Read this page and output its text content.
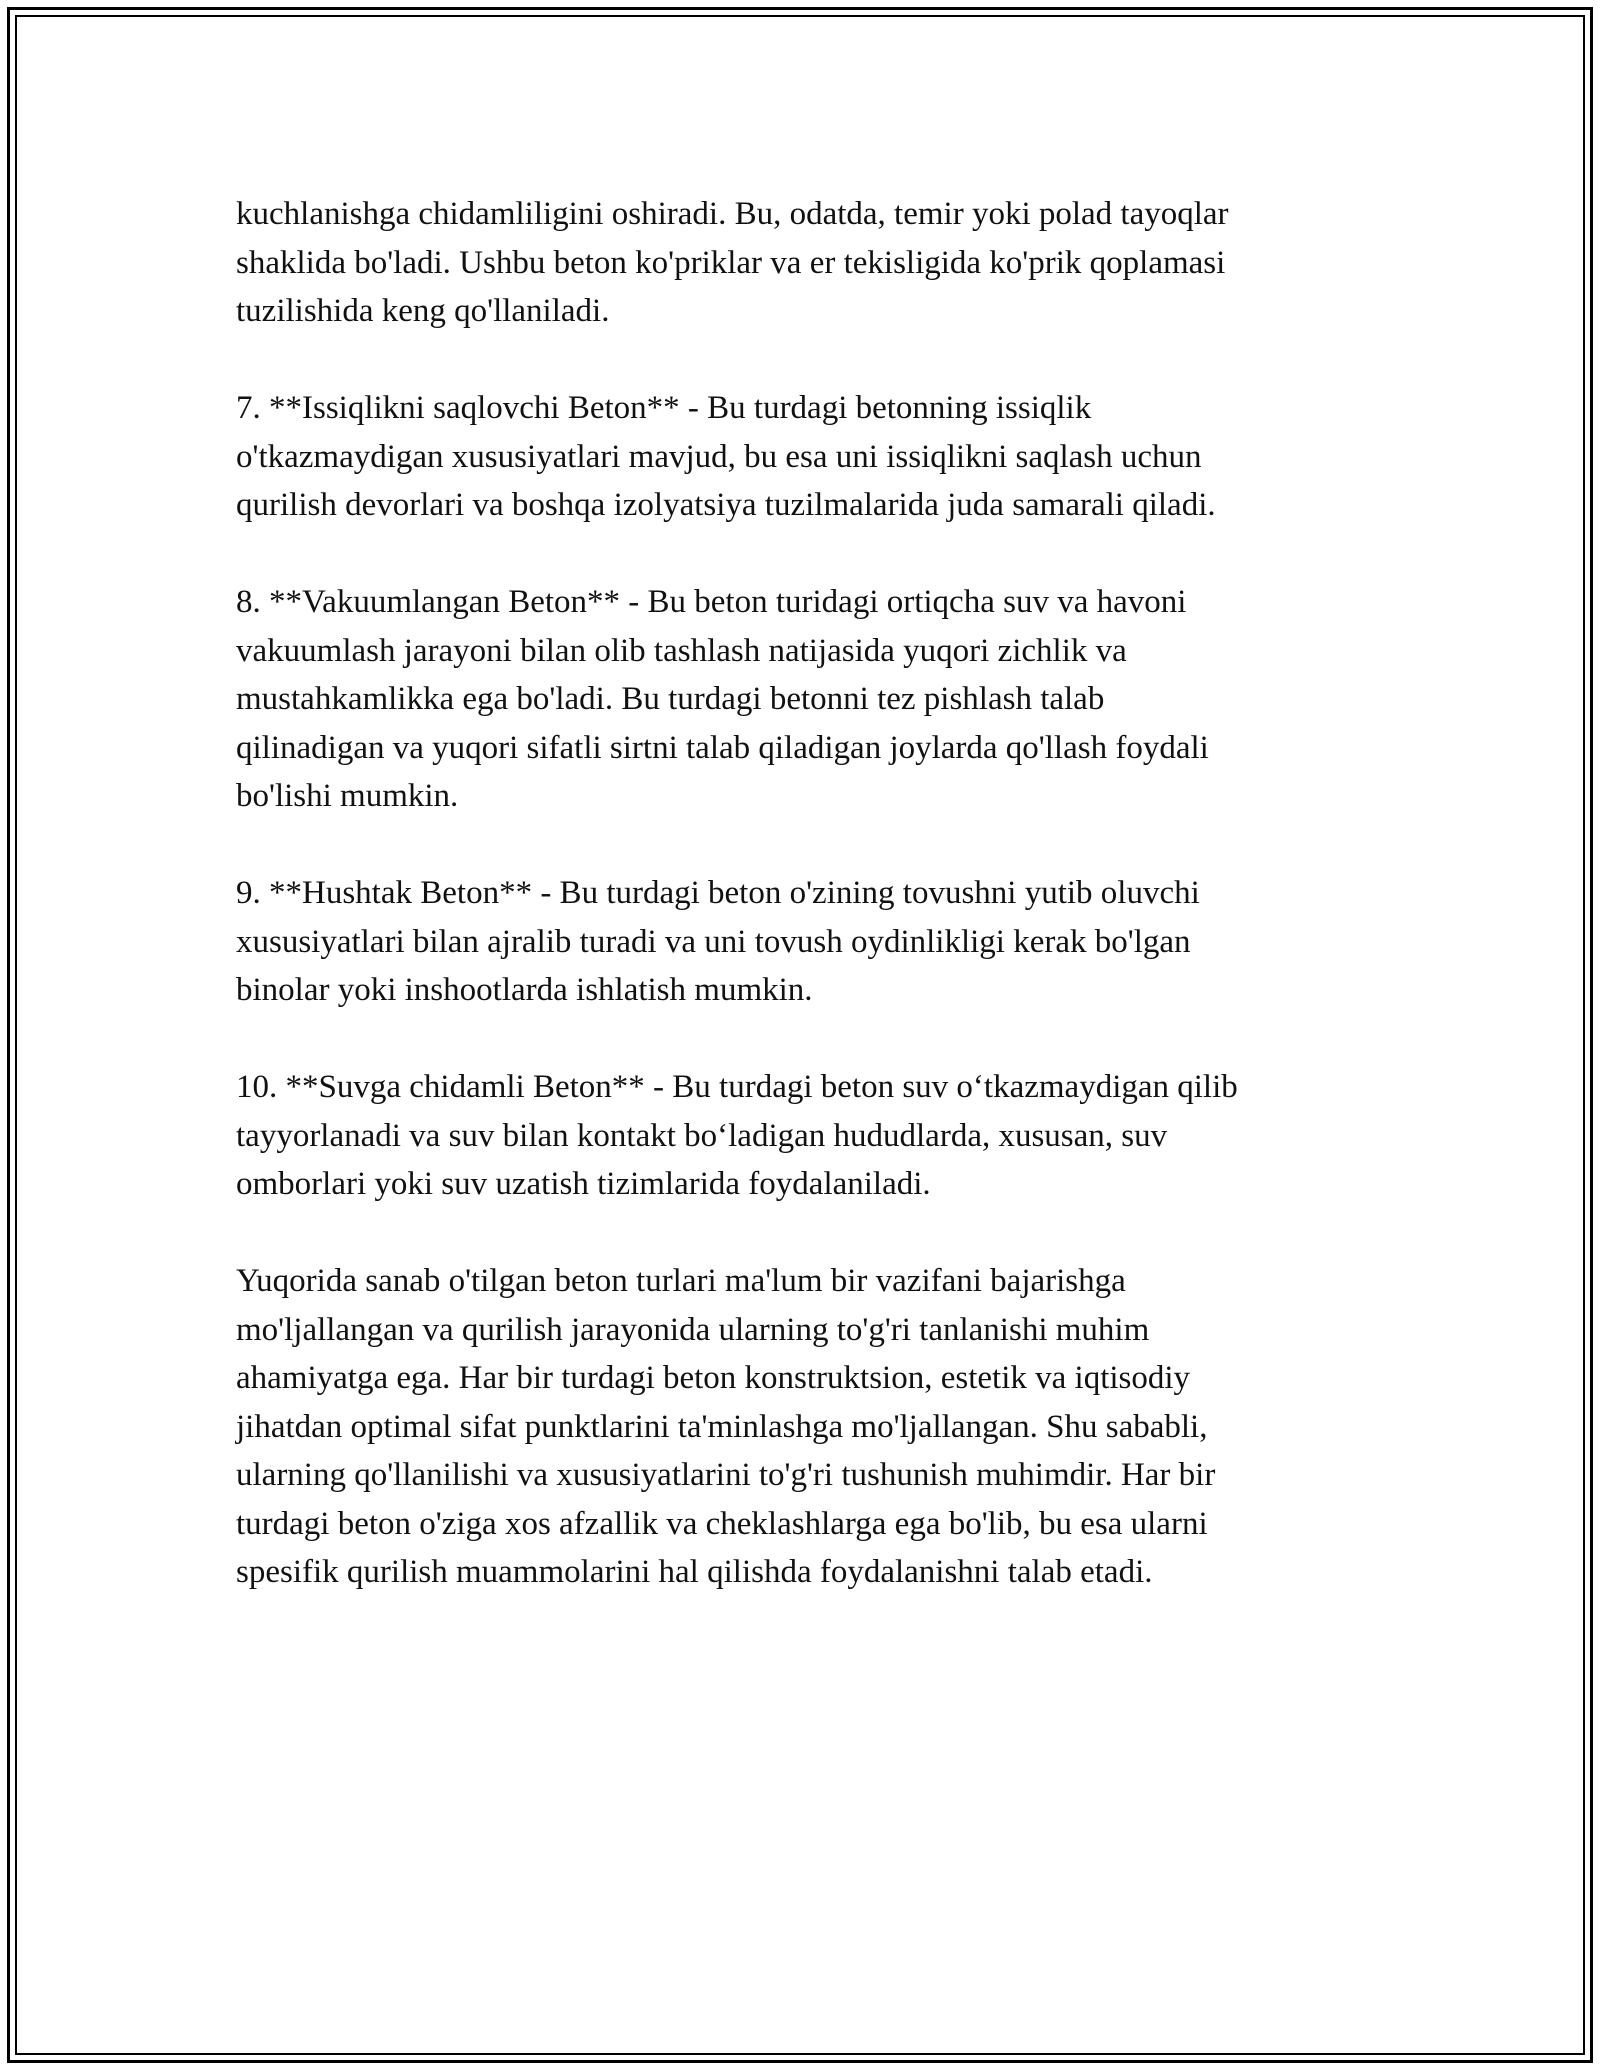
kuchlanishga chidamliligini oshiradi. Bu, odatda, temir yoki polad tayoqlar
shaklida bo'ladi. Ushbu beton ko'priklar va er tekisligida ko'prik qoplamasi
tuzilishida keng qo'llaniladi.

7. **Issiqlikni saqlovchi Beton** - Bu turdagi betonning issiqlik
o'tkazmaydigan xususiyatlari mavjud, bu esa uni issiqlikni saqlash uchun
qurilish devorlari va boshqa izolyatsiya tuzilmalarida juda samarali qiladi.

8. **Vakuumlangan Beton** - Bu beton turidagi ortiqcha suv va havoni
vakuumlash jarayoni bilan olib tashlash natijasida yuqori zichlik va
mustahkamlikka ega bo'ladi. Bu turdagi betonni tez pishlash talab
qilinadigan va yuqori sifatli sirtni talab qiladigan joylarda qo'llash foydali
bo'lishi mumkin.

9. **Hushtak Beton** - Bu turdagi beton o'zining tovushni yutib oluvchi
xususiyatlari bilan ajralib turadi va uni tovush oydinlikligi kerak bo'lgan
binolar yoki inshootlarda ishlatish mumkin.

10. **Suvga chidamli Beton** - Bu turdagi beton suv o‘tkazmaydigan qilib
tayyorlanadi va suv bilan kontakt bo‘ladigan hududlarda, xususan, suv
omborlari yoki suv uzatish tizimlarida foydalaniladi.

Yuqorida sanab o'tilgan beton turlari ma'lum bir vazifani bajarishga
mo'ljallangan va qurilish jarayonida ularning to'g'ri tanlanishi muhim
ahamiyatga ega. Har bir turdagi beton konstruktsion, estetik va iqtisodiy
jihatdan optimal sifat punktlarini ta'minlashga mo'ljallangan. Shu sababli,
ularning qo'llanilishi va xususiyatlarini to'g'ri tushunish muhimdir. Har bir
turdagi beton o'ziga xos afzallik va cheklashlarga ega bo'lib, bu esa ularni
spesifik qurilish muammolarini hal qilishda foydalanishni talab etadi.
